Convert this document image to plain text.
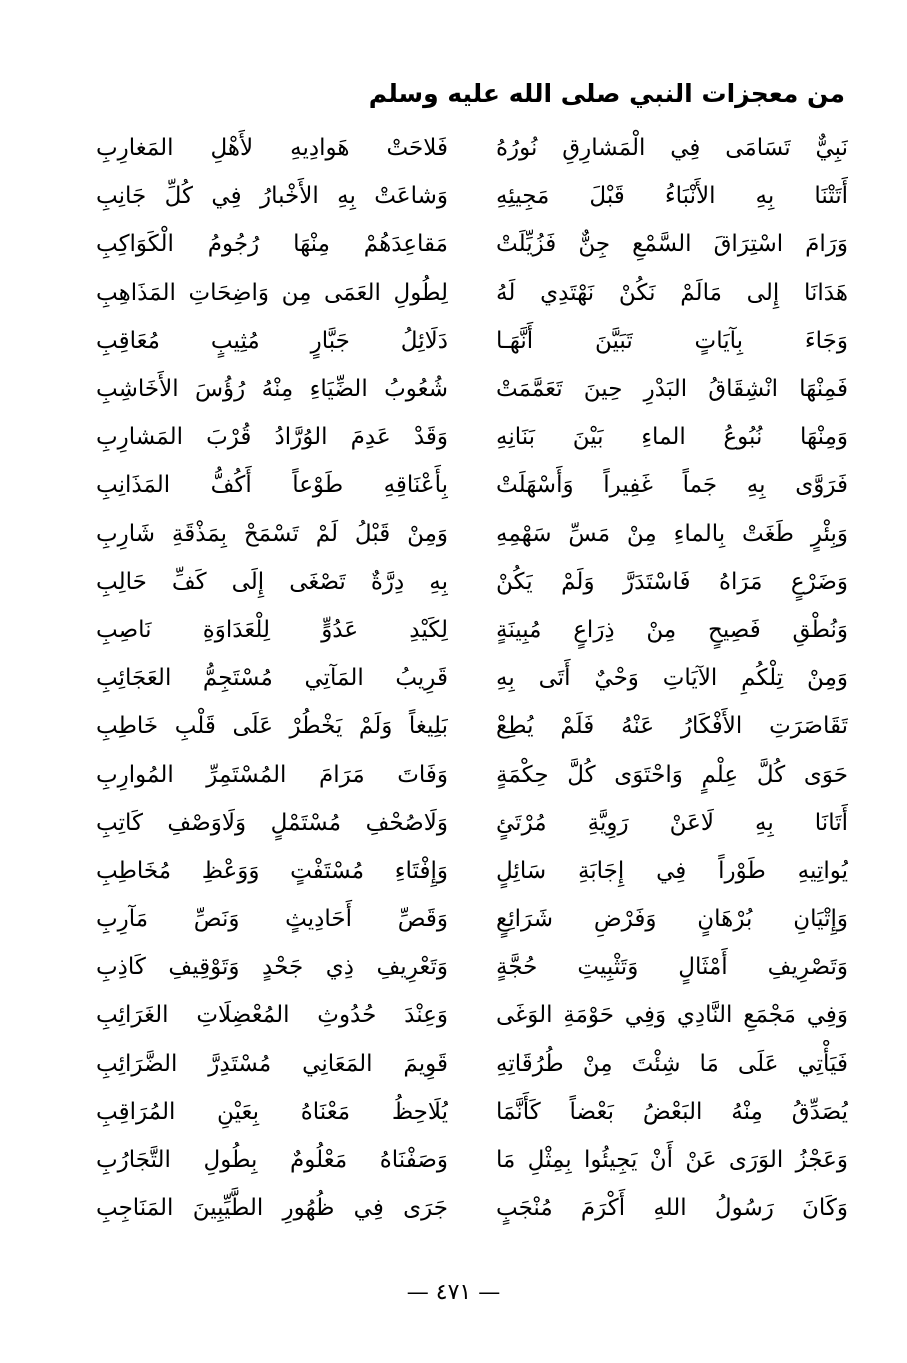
من معجزات النبي صلى الله عليه وسلم
نَبِيٌّ تَسَامَى فِي الْمَشارِقِ نُورُهُ
فَلاحَتْ هَوادِيهِ لأَهْلِ المَغارِبِ
أَتَتْنَا بِهِ الأَنْبَاءُ قَبْلَ مَجِيئِهِ
وَشاعَتْ بِهِ الأَخْبارُ فِي كُلِّ جَانِبِ
وَرَامَ اسْتِرَاقَ السَّمْعِ جِنٌّ فَزُيِّلَتْ
مَقاعِدَهُمْ مِنْهَا رُجُومُ الْكَوَاكِبِ
هَدَانَا إِلى مَالَمْ نَكُنْ نَهْتَدِي لَهُ
لِطُولِ العَمَى مِن وَاضِحَاتِ المَذَاهِبِ
وَجَاءَ بِآيَاتٍ تَبَيَّنَ أَنَّهَـا
دَلَائِلُ جَبَّارٍ مُثِيبٍ مُعَاقِبِ
فَمِنْهَا انْشِقَاقُ البَدْرِ حِينَ تَعَمَّمَتْ
شُعُوبُ الضِّيَاءِ مِنْهُ رُؤُسَ الأَخَاشِبِ
وَمِنْهَا نُبُوعُ الماءِ بَيْنَ بَنَانِهِ
وَقَدْ عَدِمَ الوُرَّادُ قُرْبَ المَشارِبِ
فَرَوَّى بِهِ جَماً غَفِيراً وَأَسْهَلَتْ
بِأَعْنَاقِهِ طَوْعاً أَكُفُّ المَذَانِبِ
وَبِئْرٍ طَغَتْ بِالماءِ مِنْ مَسِّ سَهْمِهِ
وَمِنْ قَبْلُ لَمْ تَسْمَحْ بِمَذْقَةِ شَارِبِ
وَضَرْعٍ مَرَاهُ فَاسْتَدَرَّ وَلَمْ يَكُنْ
بِهِ دِرَّةٌ تَصْغَى إِلَى كَفِّ حَالِبِ
وَنُطْقِ فَصِيحٍ مِنْ ذِرَاعٍ مُبِينَةٍ
لِكَيْدِ عَدُوٍّ لِلْعَدَاوَةِ نَاصِبِ
وَمِنْ تِلْكُمِ الآيَاتِ وَحْيٌ أَتَى بِهِ
قَرِيبُ المَآتِي مُسْتَجِمُّ العَجَائِبِ
تَقَاصَرَتِ الأَفْكَارُ عَنْهُ فَلَمْ يُطِعْ
بَلِيغاً وَلَمْ يَخْطُرْ عَلَى قَلْبِ خَاطِبِ
حَوَى كُلَّ عِلْمٍ وَاحْتَوَى كُلَّ حِكْمَةٍ
وَفَاتَ مَرَامَ المُسْتَمِرِّ المُوارِبِ
أَتَانَا بِهِ لَاعَنْ رَوِيَّةِ مُرْتَئٍ
وَلَاصُحْفِ مُسْتَمْلٍ وَلَاوَصْفِ كَاتِبِ
يُواتِيهِ طَوْراً فِي إِجَابَةِ سَائِلٍ
وَإِفْتَاءِ مُسْتَفْتٍ وَوَعْظِ مُخَاطِبِ
وَإِتْيَانِ بُرْهَانٍ وَفَرْضِ شَرَائِعٍ
وَقَصِّ أَحَادِيثٍ وَنَصِّ مَآرِبِ
وَتَصْرِيفِ أَمْثَالٍ وَتَثْبِيتِ حُجَّةٍ
وَتَعْرِيفِ ذِي جَحْدٍ وَتَوْقِيفِ كَاذِبِ
وَفِي مَجْمَعِ النَّادِي وَفِي حَوْمَةِ الوَغَى
وَعِنْدَ حُدُوثِ المُعْضِلَاتِ الغَرَائِبِ
فَيَأْتِي عَلَى مَا شِئْتَ مِنْ طُرُقَاتِهِ
قَوِيمَ المَعَانِي مُسْتَدِرَّ الضَّرَائِبِ
يُصَدِّقُ مِنْهُ البَعْضُ بَعْضاً كَأَنَّمَا
يُلَاحِظُ مَعْنَاهُ بِعَيْنِ المُرَاقِبِ
وَعَجْزُ الوَرَى عَنْ أَنْ يَجِيئُوا بِمِثْلِ مَا
وَصَفْنَاهُ مَعْلُومٌ بِطُولِ التَّجَارُبِ
وَكَانَ رَسُولُ اللهِ أَكْرَمَ مُنْجَبٍ
جَرَى فِي ظُهُورِ الطَّيِّبِينَ المَنَاجِبِ
— ٤٧١ —
